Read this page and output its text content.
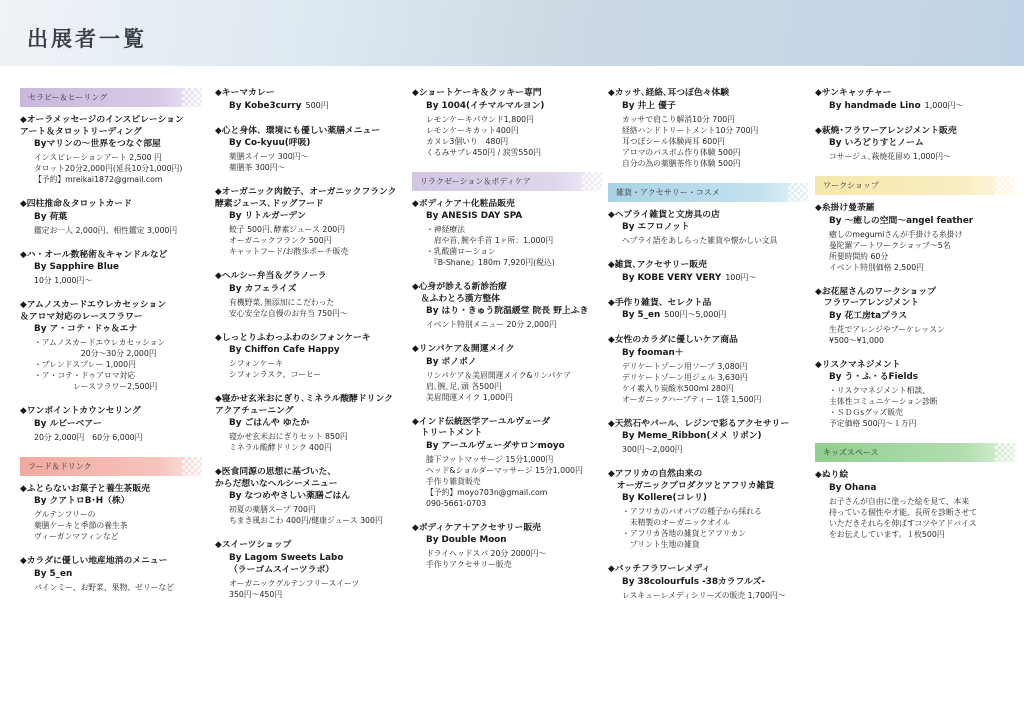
出展者一覧
セラピー＆ヒーリング
◆オーラメッセージのインスピレーション
アート＆タロットリーディング
Byマリンの〜世界をつなぐ部屋
インスピレーションアート 2,500 円
タロット20分2,000円(延長10分1,000円)
【予約】mreikai1872@gmail.com
◆四柱推命＆タロットカード
By 荷葉
鑑定お一人 2,000円、相性鑑定 3,000円
◆ハ・オール数秘術＆キャンドルなど
By Sapphire Blue
10分 1,000円〜
◆アムノスカードエウレカセッション
＆アロマ対応のレースフラワー
By ア・コテ・ドゥ＆エナ
・アムノスカードエウレカセッション
　　　　　　20分〜30分 2,000円
・ブレンドスプレー 1,000円
・ア・コテ・ドゥアロマ対応
　　　　　レースフラワー2,500円
◆ワンポイントカウンセリング
By ルビーベアー
20分 2,000円　60分 6,000円
フード＆ドリンク
◆ふとらないお菓子と養生茶販売
By クアトロB･H（株）
グルテンフリーの
薬膳ケーキと季節の養生茶
ヴィーガンマフィンなど
◆カラダに優しい地産地消のメニュー
By 5_en
パインミー、お野菜、果物、ゼリーなど
◆キーマカレー
By Kobe3curry 500円
◆心と身体、環境にも優しい薬膳メニュー
By Co-kyuu(呼吸)
薬膳スイーツ 300円〜
薬膳茶 300円〜
◆オーガニック肉餃子、オーガニックフランク
酵素ジュース､ドッグフード
By リトルガーデン
餃子 500円､酵素ジュース 200円
オーガニックフランク 500円
キャットフード/お散歩ポーチ販売
◆ヘルシー弁当＆グラノーラ
By カフェライズ
有機野菜､無添加にこだわった
安心安全な自慢のお弁当 750円〜
◆しっとりふわっふわのシフォンケーキ
By Chiffon Cafe Happy
シフォンケーキ
シフォンラスク、コーヒー
◆寝かせ玄米おにぎり､ミネラル酸酵ドリンク
アクアチューニング
By ごはんや ゆたか
寝かせ玄米おにぎりセット 850円
ミネラル酸酵ドリンク 400円
◆医食同源の思想に基づいた、
からだ想いなヘルシーメニュー
By なつめやさしい薬膳ごはん
初夏の薬膳スープ 700円
ちまき風おこわ 400円/健康ジュース 300円
◆スイーツショップ
By Lagom Sweets Labo
（ラーゴムスイーツラボ）
オーガニックグルテンフリースイーツ
350円〜450円
◆ショートケーキ＆クッキー専門
By 1004(イチマルマルヨン)
レモンケーキパウンド1,800円
レモンケーキカット400円
カヌレ3個いり　480円
くるみサブレ450円 / 涙雪550円
リラクゼーション＆ボディケア
◆ボディケア＋化粧品販売
By ANESIS DAY SPA
・神経療法
　肩や首､腕や手首 1ヶ所：1,000円
・乳酸菌ローション
　『B-Shane』180m 7,920円(税込)
◆心身が診える新診治療
　＆ふわとろ漢方整体
By はり・きゅう院温緩堂 院長 野上ふき
イベント特別メニュー 20分 2,000円
◆リンパケア＆開運メイク
By ポノポノ
リンパケア＆美眉開運メイク&リンパケア
肩､腕､足､頭 各500円
美眉開運メイク 1,000円
◆インド伝統医学アーユルヴェーダ
　トリートメント
By アーユルヴェーダサロンmoyo
膝下フットマッサージ 15分1,000円
ヘッド&ショルダーマッサージ 15分1,000円
手作り雑貨販売
【予約】moyo703n@gmail.com
090-5661-0703
◆ボディケア＋アクセサリー販売
By Double Moon
ドライヘッドスパ 20分 2000円〜
手作りアクセサリー販売
◆カッサ､経絡､耳つぼ色々体験
By 井上 優子
カッサで肩こり解消10分 700円
経絡ハンドトリートメント10分 700円
耳つぼシール体験両耳 600円
アロマのバスボム作り体験 500円
自分の為の薬膳茶作り体験 500円
雑貨・アクセサリー・コスメ
◆ヘブライ雑貨と文房具の店
By エフロノット
ヘブライ語をあしらった雑貨や懐かしい文具
◆雑貨､アクセサリー販売
By KOBE VERY VERY 100円〜
◆手作り雑貨、セレクト品
By 5_en 500円〜5,000円
◆女性のカラダに優しいケア商品
By fooman＋
デリケートゾーン用ソープ 3,080円
デリケートゾーン用ジェル 3,630円
ケイ素入り炭酸水500ml 280円
オーガニックハーブティー 1袋 1,500円
◆天然石やパール、レジンで彩るアクセサリー
By Meme_Ribbon(メメ リボン)
300円〜2,000円
◆アフリカの自然由来の
　オーガニックプロダクツとアフリカ雑貨
By Kollere(コレリ)
・アフリカのバオバブの種子から採れる
　未精製のオーガニックオイル
・アフリカ各地の雑貨とアフリカン
　プリント生地の雑貨
◆バッチフラワーレメディ
By 38colourfuls -38カラフルズ-
レスキューレメディシリーズの販売 1,700円〜
◆サンキャッチャー
By handmade Lino 1,000円〜
◆萩焼･フラワーアレンジメント販売
By いろどりすとノーム
コサージュ､萩焼花留め 1,000円〜
ワークショップ
◆糸掛け曼荼羅
By 〜癒しの空間〜angel feather
癒しのmegumiさんが手掛ける糸掛け
曼陀羅アートワークショップ〜5名
所要時間約 60分
イベント特別価格 2,500円
◆お花屋さんのワークショップ
　フラワーアレンジメント
By 花工房taプラス
生花でアレンジやブーケレッスン
¥500〜¥1,000
◆リスクマネジメント
By う・ふ・るFields
・リスクマネジメント相談、
主体性コミュニケーション診断
・ＳＤＧsグッズ販売
予定価格 500円〜１万円
キッズスペース
◆ぬり絵
By Ohana
お子さんが自由に塗った絵を見て、本来
持っている個性や才能、長所を診断させて
いただきそれらを伸ばすコツやアドバイス
をお伝えしています。１枚500円
